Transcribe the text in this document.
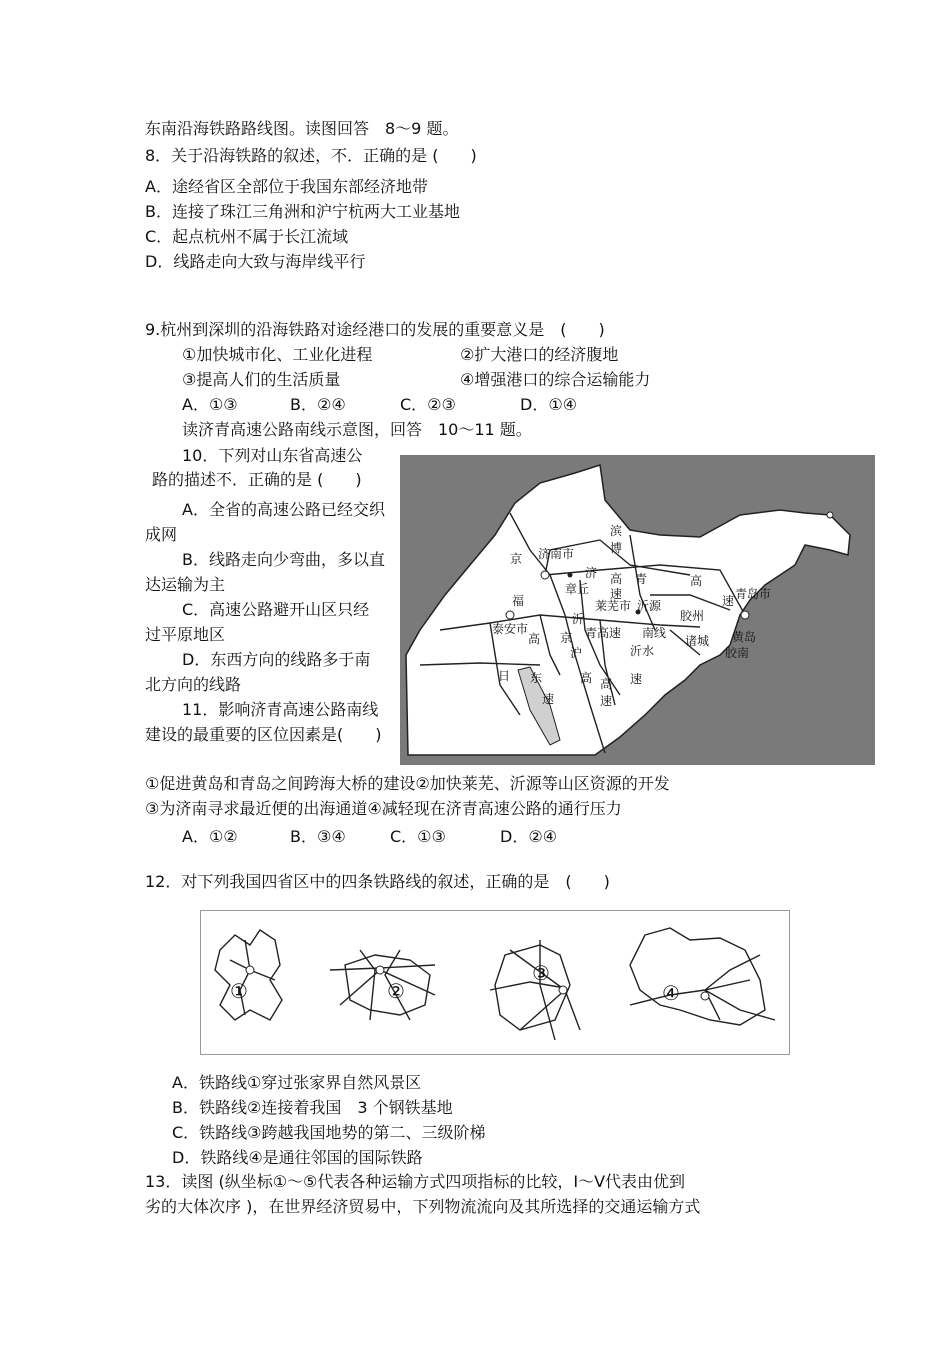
东南沿海铁路路线图。读图回答　8～9 题。
8．关于沿海铁路的叙述，不．正确的是 (　　)
A．途经省区全部位于我国东部经济地带
B．连接了珠江三角洲和沪宁杭两大工业基地
C．起点杭州不属于长江流域
D．线路走向大致与海岸线平行
9.杭州到深圳的沿海铁路对途经港口的发展的重要意义是　(　　)
①加快城市化、工业化进程	②扩大港口的经济腹地
③提高人们的生活质量	④增强港口的综合运输能力
A．①③	B．②④	C．②③	D．①④
读济青高速公路南线示意图，回答　10～11 题。
10．下列对山东省高速公
路的描述不．正确的是 (　　)

A．全省的高速公路已经交织成网

B．线路走向少弯曲，多以直达运输为主

C．高速公路避开山区只经过平原地区

D．东西方向的线路多于南北方向的线路

11．影响济青高速公路南线建设的最重要的区位因素是(　　)

①促进黄岛和青岛之间跨海大桥的建设②加快莱芜、沂源等山区资源的开发
③为济南寻求最近便的出海通道④减轻现在济青高速公路的通行压力
A．①②	B．③④	C．①③	D．②④
济南市
滨
博
京
济
章丘
高
速
青	高
莱芜市 沂源	速
胶州
青岛市
福
泰安市
沂
青高速 南线
诸城 黄岛
胶南
高 京
沪	沂水
日 东
速
高	速
高
速
12．对下列我国四省区中的四条铁路线的叙述，正确的是　(　　)
①	②
③
④
A．铁路线①穿过张家界自然风景区
B．铁路线②连接着我国　3 个钢铁基地
C．铁路线③跨越我国地势的第二、三级阶梯
D．铁路线④是通往邻国的国际铁路
13．读图 (纵坐标①～⑤代表各种运输方式四项指标的比较，Ⅰ～Ⅴ代表由优到
劣的大体次序 )，在世界经济贸易中，下列物流流向及其所选择的交通运输方式
